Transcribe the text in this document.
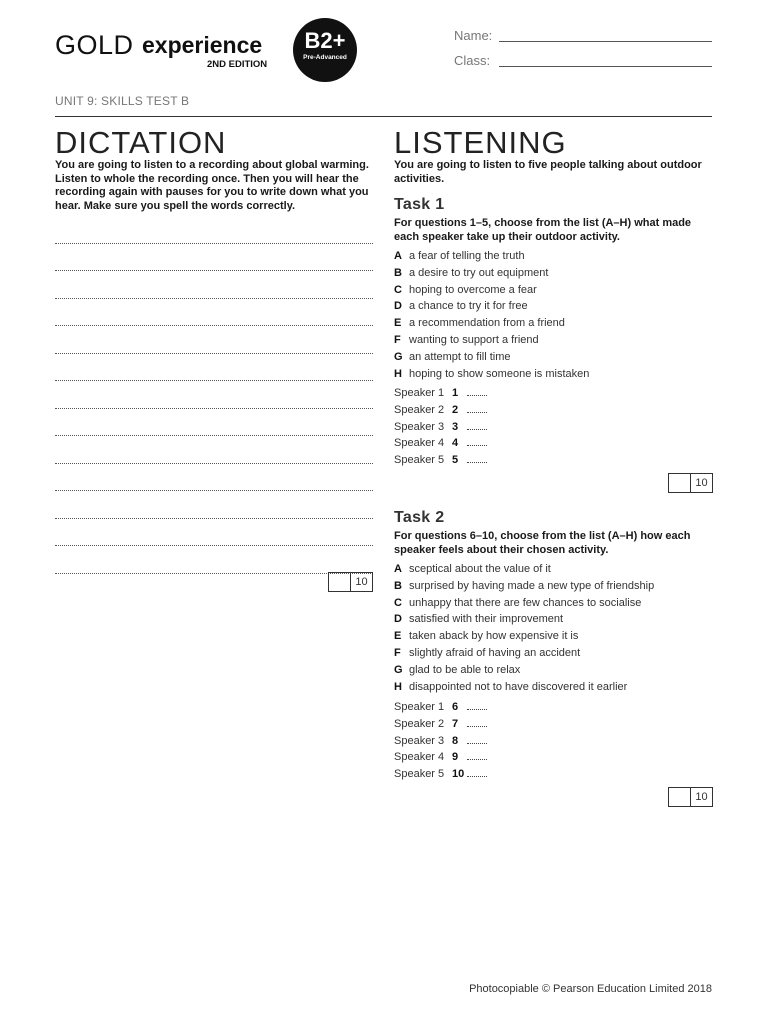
GOLD experience
2ND EDITION
B2+
Pre-Advanced
Name:
Class:
UNIT 9: SKILLS TEST B
DICTATION
You are going to listen to a recording about global warming. Listen to whole the recording once. Then you will hear the recording again with pauses for you to write down what you hear. Make sure you spell the words correctly.
10
LISTENING
You are going to listen to five people talking about outdoor activities.
Task 1
For questions 1–5, choose from the list (A–H) what made each speaker take up their outdoor activity.
A a fear of telling the truth
B a desire to try out equipment
C hoping to overcome a fear
D a chance to try it for free
E a recommendation from a friend
F wanting to support a friend
G an attempt to fill time
H hoping to show someone is mistaken
Speaker 1 1
Speaker 2 2
Speaker 3 3
Speaker 4 4
Speaker 5 5
10
Task 2
For questions 6–10, choose from the list (A–H) how each speaker feels about their chosen activity.
A sceptical about the value of it
B surprised by having made a new type of friendship
C unhappy that there are few chances to socialise
D satisfied with their improvement
E taken aback by how expensive it is
F slightly afraid of having an accident
G glad to be able to relax
H disappointed not to have discovered it earlier
Speaker 1 6
Speaker 2 7
Speaker 3 8
Speaker 4 9
Speaker 5 10
10
Photocopiable © Pearson Education Limited 2018
